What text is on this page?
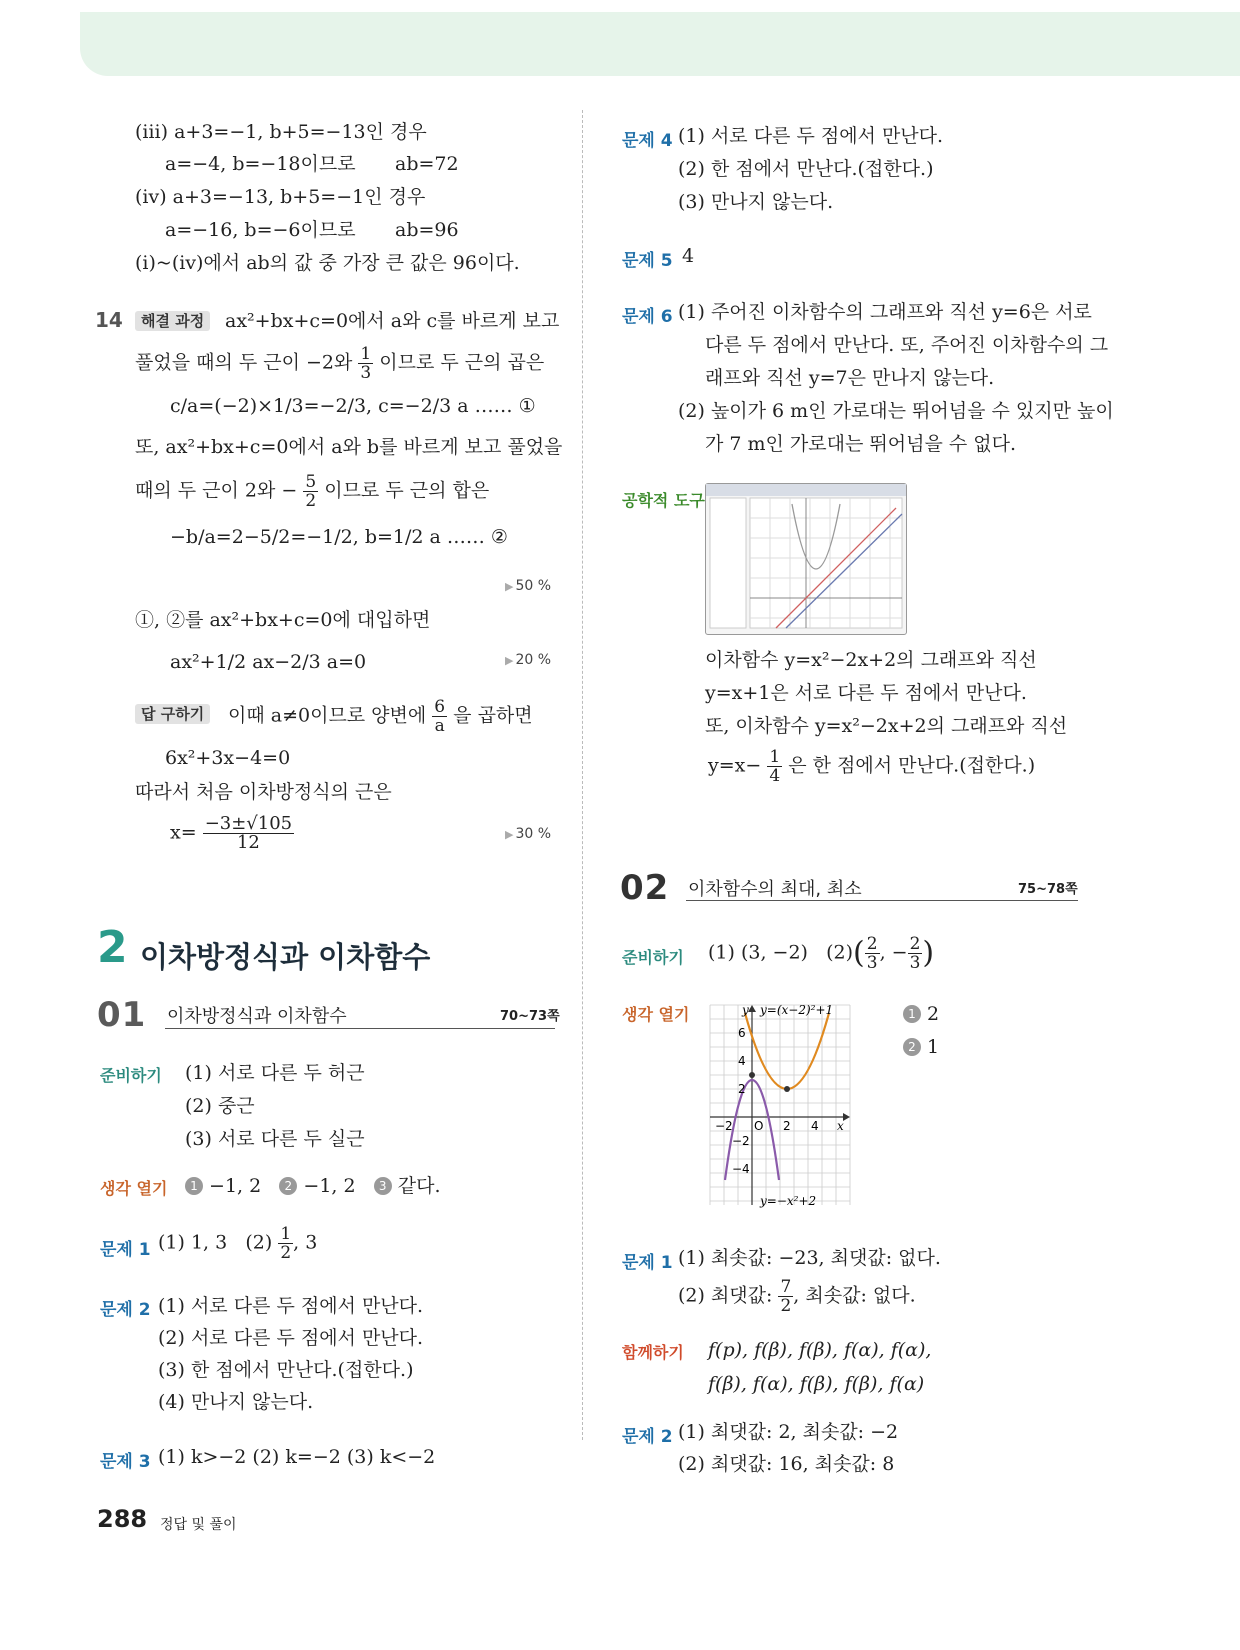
(ⅲ) a+3=−1, b+5=−13인 경우
a=−4, b=−18이므로 ab=72
(ⅳ) a+3=−13, b+5=−1인 경우
a=−16, b=−6이므로 ab=96
(ⅰ)~(ⅳ)에서 ab의 값 중 가장 큰 값은 96이다.
14	해결 과정	ax²+bx+c=0에서 a와 c를 바르게 보고
풀었을 때의 두 근이 −2와 $\frac{1}{3}$ 이므로 두 근의 곱은
c/a=(−2)×1/3=−2/3, c=−2/3 a …… ①
또, ax²+bx+c=0에서 a와 b를 바르게 보고 풀었을
때의 두 근이 2와 − $\frac{5}{2}$ 이므로 두 근의 합은
−b/a=2−5/2=−1/2, b=1/2 a …… ②
▶ 50 %
①, ②를 ax²+bx+c=0에 대입하면
ax²+1/2 ax−2/3 a=0	▶ 20 %
답 구하기	이때 a≠0이므로 양변에 $\frac{6}{a}$ 을 곱하면
6x²+3x−4=0
따라서 처음 이차방정식의 근은
$x= \frac{-3\pm√105}{12}$	▶ 30 %
2 이차방정식과 이차함수
01 이차방정식과 이차함수	70~73쪽
준비하기 (1) 서로 다른 두 허근
(2) 중근
(3) 서로 다른 두 실근
생각 열기	1 −1, 2 2 −1, 2 3 같다.
문제 1 (1) 1, 3 $(2) \frac{1}{2}$ , 3
문제 2 (1) 서로 다른 두 점에서 만난다.
(2) 서로 다른 두 점에서 만난다.
(3) 한 점에서 만난다.(접한다.)
(4) 만나지 않는다.
문제 3 (1) k>−2 (2) k=−2 (3) k<−2
문제 4 (1) 서로 다른 두 점에서 만난다.
(2) 한 점에서 만난다.(접한다.)
(3) 만나지 않는다.
문제 5 4
문제 6 (1) 주어진 이차함수의 그래프와 직선 y=6은 서로
다른 두 점에서 만난다. 또, 주어진 이차함수의 그
래프와 직선 y=7은 만나지 않는다.
(2) 높이가 6 m인 가로대는 뛰어넘을 수 있지만 높이
가 7 m인 가로대는 뛰어넘을 수 없다.
공학적 도구
이차함수 y=x²−2x+2의 그래프와 직선
y=x+1은 서로 다른 두 점에서 만난다.
또, 이차함수 y=x²−2x+2의 그래프와 직선
$y=x- \frac{1}{4}$ 은 한 점에서 만난다.(접한다.)
02 이차함수의 최대, 최소	75~78쪽
준비하기 (1) (3, −2) $(2)( \frac{2}{3}$ , − $\frac{2}{3}$ )
생각 열기	y
x
y=(x−2)²+1
y=−x²+2
6
4
2
−2
−4
−2 O 2 4
1 2
2 1
문제 1 (1) 최솟값: −23, 최댓값: 없다.
(2) 최댓값: $\frac{7}{2}$ , 최솟값: 없다.
함께하기 f(p), f(β), f(β), f(α), f(α),
f(β), f(α), f(β), f(β), f(α)
문제 2 (1) 최댓값: 2, 최솟값: −2
(2) 최댓값: 16, 최솟값: 8
288 정답 및 풀이
